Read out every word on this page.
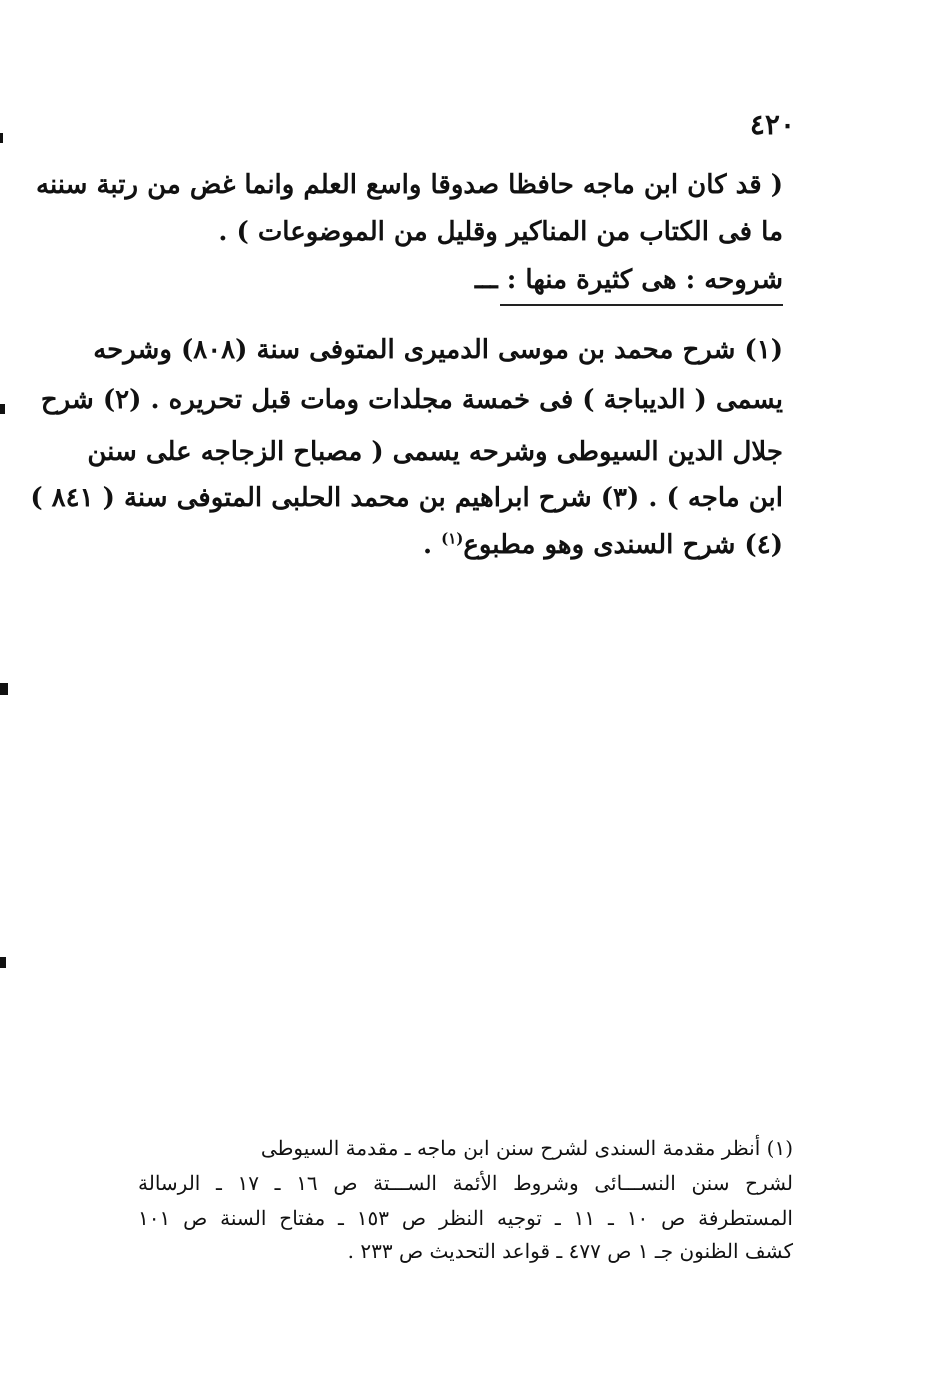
٤٢٠
( قد كان ابن ماجه حافظا صدوقا واسع العلم وانما غض من رتبة سننه
ما فى الكتاب من المناكير وقليل من الموضوعات ) .
شروحه : هى كثيرة منها : ـــ
(١) شرح محمد بن موسى الدميرى المتوفى سنة (٨٠٨) وشرحه
يسمى ( الديباجة ) فى خمسة مجلدات ومات قبل تحريره . (٢) شرح
جلال الدين السيوطى وشرحه يسمى ( مصباح الزجاجه على سنن
ابن ماجه ) . (٣) شرح ابراهيم بن محمد الحلبى المتوفى سنة ( ٨٤١ )
(٤) شرح السندى وهو مطبوع$^{(١)}$ .
(١) أنظر مقدمة السندى لشرح سنن ابن ماجه ـ مقدمة السيوطى
لشرح سنن النســـائى وشروط الأئمة الســـتة ص ١٦ ـ ١٧ ـ الرسالة
المستطرفة ص ١٠ ـ ١١ ـ توجيه النظر ص ١٥٣ ـ مفتاح السنة ص ١٠١
كشف الظنون جـ ١ ص ٤٧٧ ـ قواعد التحديث ص ٢٣٣ .
